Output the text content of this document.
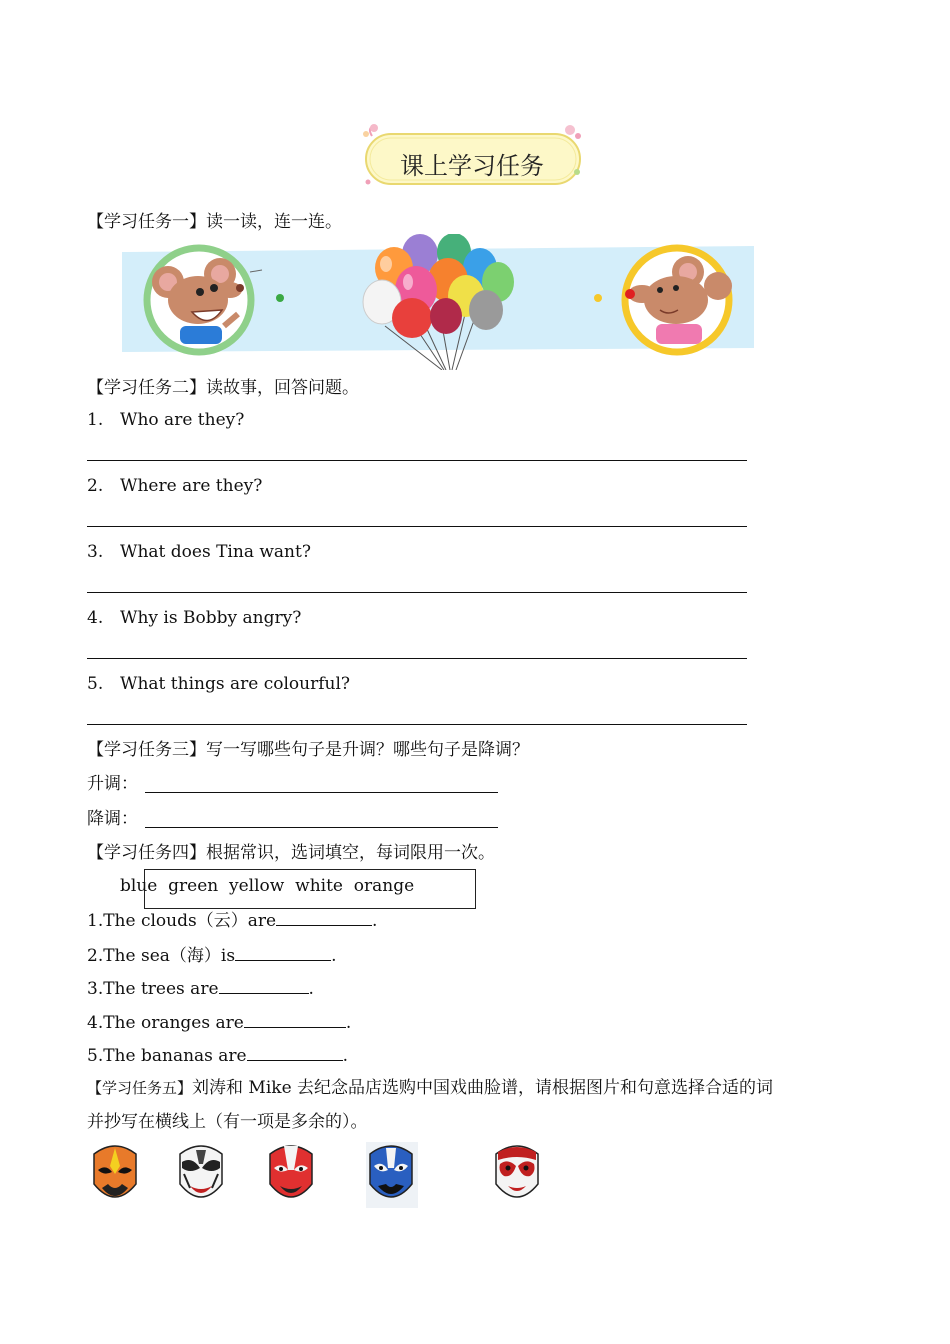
课上学习任务
【学习任务一】读一读，连一连。
【学习任务二】读故事，回答问题。
1. Who are they?
2. Where are they?
3. What does Tina want?
4. Why is Bobby angry?
5. What things are colourful?
【学习任务三】写一写哪些句子是升调？哪些句子是降调？
升调：
降调：
【学习任务四】根据常识，选词填空，每词限用一次。
blue  green  yellow  white  orange
1.The clouds（云）are	.
2.The sea（海）is	.
3.The trees are	.
4.The oranges are	.
5.The bananas are	.
【学习任务五】刘涛和 Mike 去纪念品店选购中国戏曲脸谱，请根据图片和句意选择合适的词
并抄写在横线上（有一项是多余的）。
